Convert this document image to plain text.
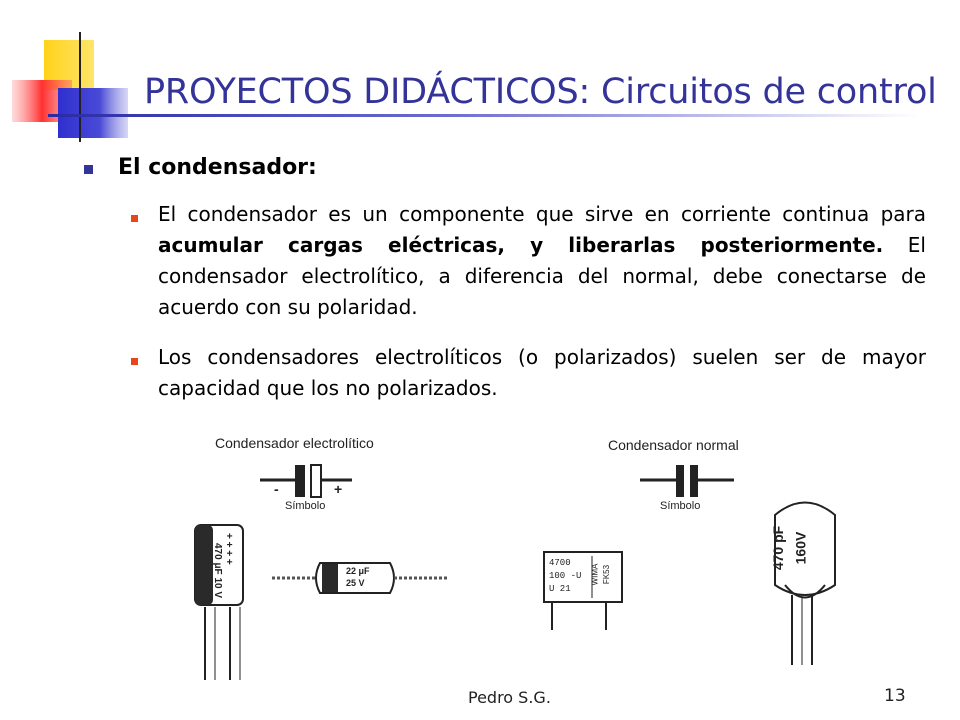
PROYECTOS DIDÁCTICOS: Circuitos de control
El condensador:
El condensador es un componente que sirve en corriente continua para
acumular cargas eléctricas, y liberarlas posteriormente. El
condensador electrolítico, a diferencia del normal, debe conectarse de
acuerdo con su polaridad.
Los condensadores electrolíticos (o polarizados) suelen ser de mayor
capacidad que los no polarizados.
+ + + +
Condensador electrolítico	Condensador normal
Símbolo	Símbolo
-	+
470 μF 10 V	22 μF
25 V
4700
100 -U
U 21
WIMA FK53
470 pF 160V
Pedro S.G.	13
